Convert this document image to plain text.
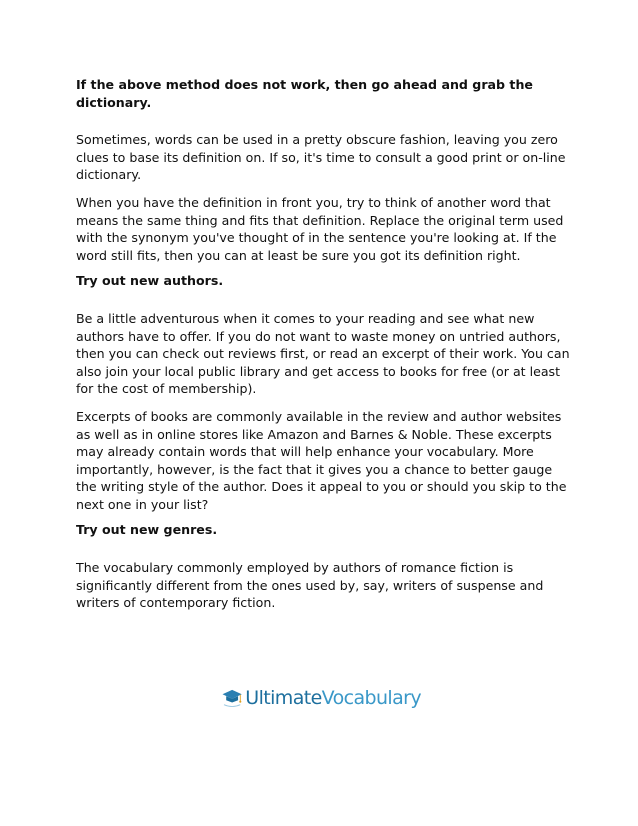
If the above method does not work, then go ahead and grab the dictionary.

Sometimes, words can be used in a pretty obscure fashion, leaving you zero clues to base its definition on. If so, it's time to consult a good print or on-line dictionary.

When you have the definition in front you, try to think of another word that means the same thing and fits that definition. Replace the original term used with the synonym you've thought of in the sentence you're looking at. If the word still fits, then you can at least be sure you got its definition right.

Try out new authors.

Be a little adventurous when it comes to your reading and see what new authors have to offer. If you do not want to waste money on untried authors, then you can check out reviews first, or read an excerpt of their work. You can also join your local public library and get access to books for free (or at least for the cost of membership).

Excerpts of books are commonly available in the review and author websites as well as in online stores like Amazon and Barnes & Noble. These excerpts may already contain words that will help enhance your vocabulary. More importantly, however, is the fact that it gives you a chance to better gauge the writing style of the author. Does it appeal to you or should you skip to the next one in your list?

Try out new genres.

The vocabulary commonly employed by authors of romance fiction is significantly different from the ones used by, say, writers of suspense and writers of contemporary fiction.

UltimateVocabulary
